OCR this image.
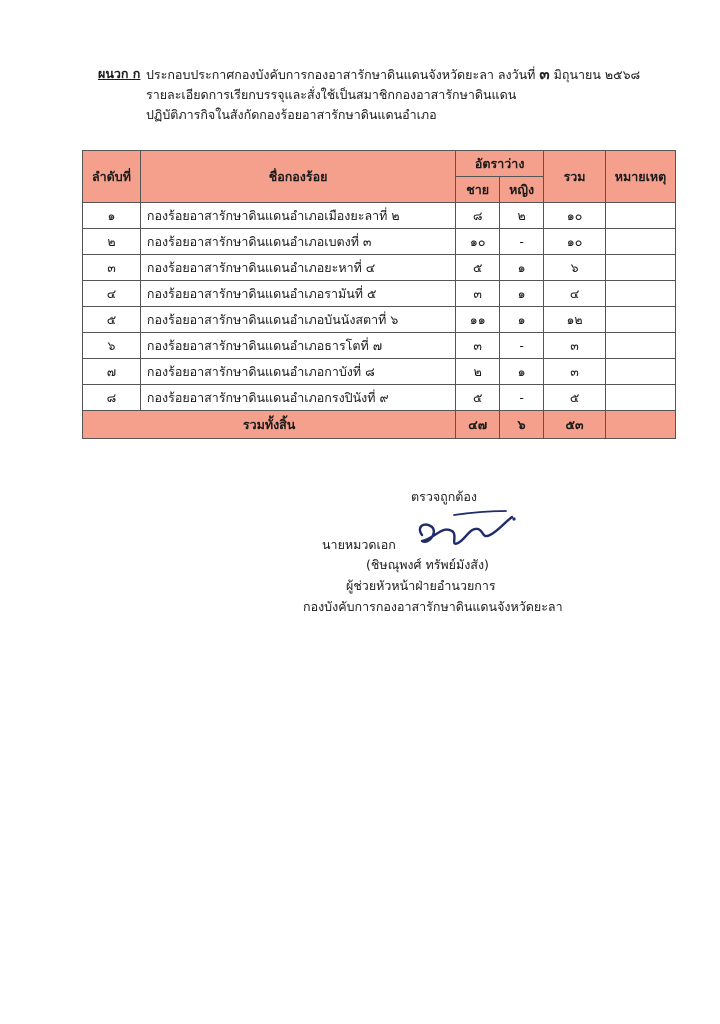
ผนวก ก ประกอบประกาศกองบังคับการกองอาสารักษาดินแดนจังหวัดยะลา ลงวันที่ ๓ มิถุนายน ๒๕๖๘
รายละเอียดการเรียกบรรจุและสั่งใช้เป็นสมาชิกกองอาสารักษาดินแดน
ปฏิบัติภารกิจในสังกัดกองร้อยอาสารักษาดินแดนอำเภอ
ลำดับที่	ชื่อกองร้อย	อัตราว่าง		รวม	หมายเหตุ
		ชาย	หญิง		
๑	กองร้อยอาสารักษาดินแดนอำเภอเมืองยะลาที่ ๒	๘	๒	๑๐	
๒	กองร้อยอาสารักษาดินแดนอำเภอเบตงที่ ๓	๑๐	-	๑๐	
๓	กองร้อยอาสารักษาดินแดนอำเภอยะหาที่ ๔	๕	๑	๖	
๔	กองร้อยอาสารักษาดินแดนอำเภอรามันที่ ๕	๓	๑	๔	
๕	กองร้อยอาสารักษาดินแดนอำเภอบันนังสตาที่ ๖	๑๑	๑	๑๒	
๖	กองร้อยอาสารักษาดินแดนอำเภอธารโตที่ ๗	๓	-	๓	
๗	กองร้อยอาสารักษาดินแดนอำเภอกาบังที่ ๘	๒	๑	๓	
๘	กองร้อยอาสารักษาดินแดนอำเภอกรงปินังที่ ๙	๕	-	๕	
รวมทั้งสิ้น		๔๗	๖	๕๓	
ตรวจถูกต้อง
นายหมวดเอก
(ชิษณุพงศ์ ทรัพย์มังสัง)
ผู้ช่วยหัวหน้าฝ่ายอำนวยการ
กองบังคับการกองอาสารักษาดินแดนจังหวัดยะลา
